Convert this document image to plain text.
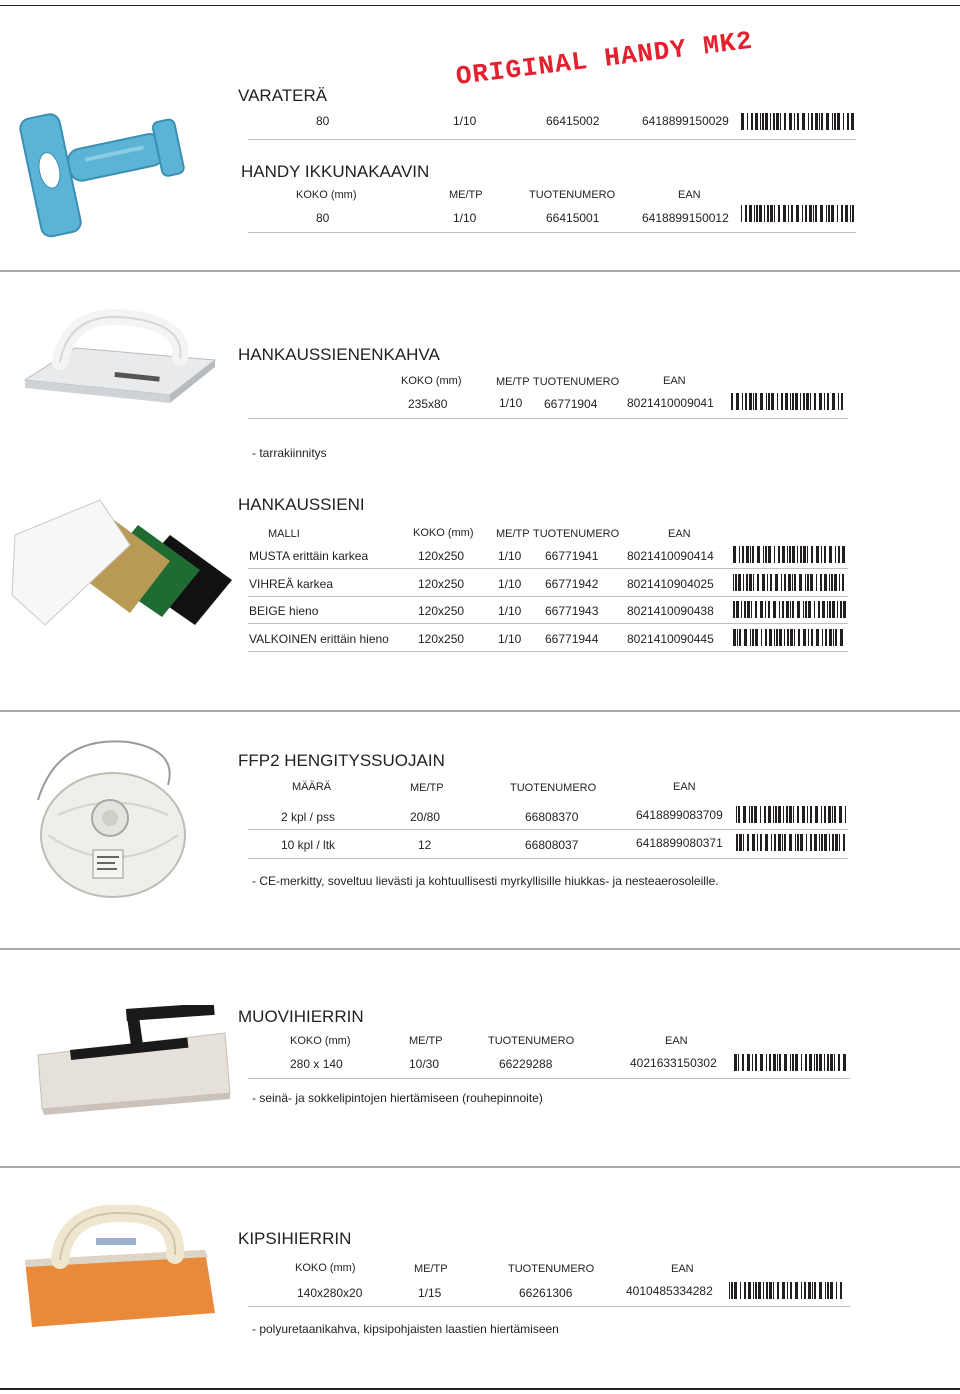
ORIGINAL HANDY MK2
VARATERÄ
80	1/10	66415002	6418899150029
HANDY IKKUNAKAAVIN
KOKO (mm)	ME/TP	TUOTENUMERO	EAN
80	1/10	66415001	6418899150012
HANKAUSSIENENKAHVA
KOKO (mm)	ME/TP TUOTENUMERO	EAN
235x80	1/10 66771904 8021410009041
- tarrakiinnitys
HANKAUSSIENI
MALLI	KOKO (mm) ME/TP TUOTENUMERO	EAN
MUSTA erittäin karkea	120x250	1/10 66771941 8021410090414
VIHREÄ karkea	120x250	1/10 66771942 8021410904025
BEIGE hieno	120x250	1/10 66771943 8021410090438
VALKOINEN erittäin hieno 120x250	1/10 66771944 8021410090445
FFP2 HENGITYSSUOJAIN
MÄÄRÄ	ME/TP	TUOTENUMERO	EAN
2 kpl / pss	20/80	66808370	6418899083709
10 kpl / ltk	12	66808037	6418899080371
- CE-merkitty, soveltuu lievästi ja kohtuullisesti myrkyllisille hiukkas- ja nesteaerosoleille.
MUOVIHIERRIN
KOKO (mm)	ME/TP	TUOTENUMERO	EAN
280 x 140	10/30	66229288	4021633150302
- seinä- ja sokkelipintojen hiertämiseen (rouhepinnoite)
KIPSIHIERRIN
KOKO (mm)	ME/TP	TUOTENUMERO	EAN
140x280x20	1/15	66261306	4010485334282
- polyuretaanikahva, kipsipohjaisten laastien hiertämiseen
